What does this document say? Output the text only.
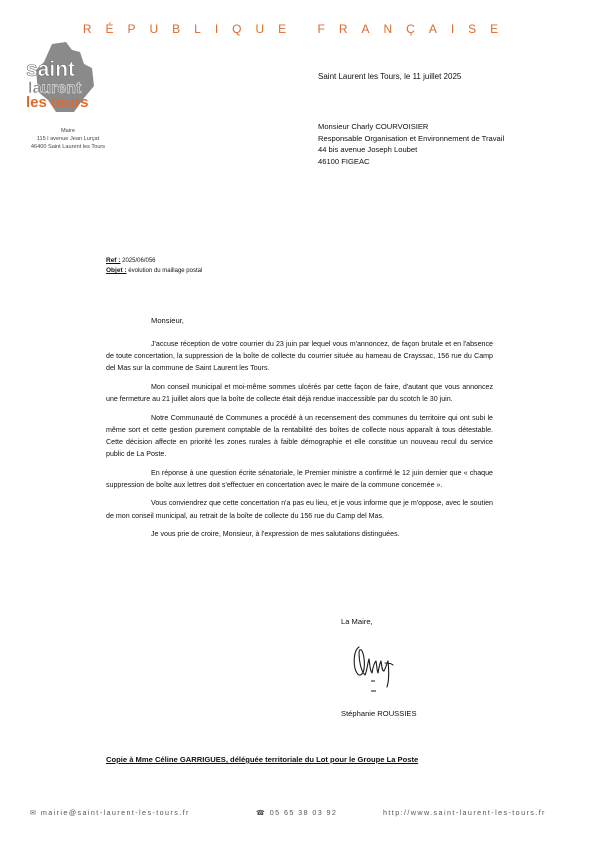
RÉPUBLIQUE FRANÇAISE
saint
laurent
les tours
Maire
115 l avenue Jean Lurçat
46400 Saint Laurent les Tours
Saint Laurent les Tours, le 11 juillet 2025
Monsieur Charly COURVOISIER
Responsable Organisation et Environnement de Travail
44 bis avenue Joseph Loubet
46100 FIGEAC
Ref : 2025/06/056
Objet : évolution du maillage postal
Monsieur,

J'accuse réception de votre courrier du 23 juin par lequel vous m'annoncez, de façon brutale et en l'absence de toute concertation, la suppression de la boîte de collecte du courrier située au hameau de Crayssac, 156 rue du Camp del Mas sur la commune de Saint Laurent les Tours.

Mon conseil municipal et moi-même sommes ulcérés par cette façon de faire, d'autant que vous annoncez une fermeture au 21 juillet alors que la boîte de collecte était déjà rendue inaccessible par du scotch le 30 juin.

Notre Communauté de Communes a procédé à un recensement des communes du territoire qui ont subi le même sort et cette gestion purement comptable de la rentabilité des boîtes de collecte nous apparaît à tous détestable. Cette décision affecte en priorité les zones rurales à faible démographie et elle constitue un nouveau recul du service public de La Poste.

En réponse à une question écrite sénatoriale, le Premier ministre a confirmé le 12 juin dernier que « chaque suppression de boîte aux lettres doit s'effectuer en concertation avec le maire de la commune concernée ».

Vous conviendrez que cette concertation n'a pas eu lieu, et je vous informe que je m'oppose, avec le soutien de mon conseil municipal, au retrait de la boîte de collecte du 156 rue du Camp del Mas.

Je vous prie de croire, Monsieur, à l'expression de mes salutations distinguées.

La Maire,
Stéphanie ROUSSIES
Copie à Mme Céline GARRIGUES, déléguée territoriale du Lot pour le Groupe La Poste
✉ mairie@saint-laurent-les-tours.fr	☎ 05 65 38 03 92	http://www.saint-laurent-les-tours.fr
